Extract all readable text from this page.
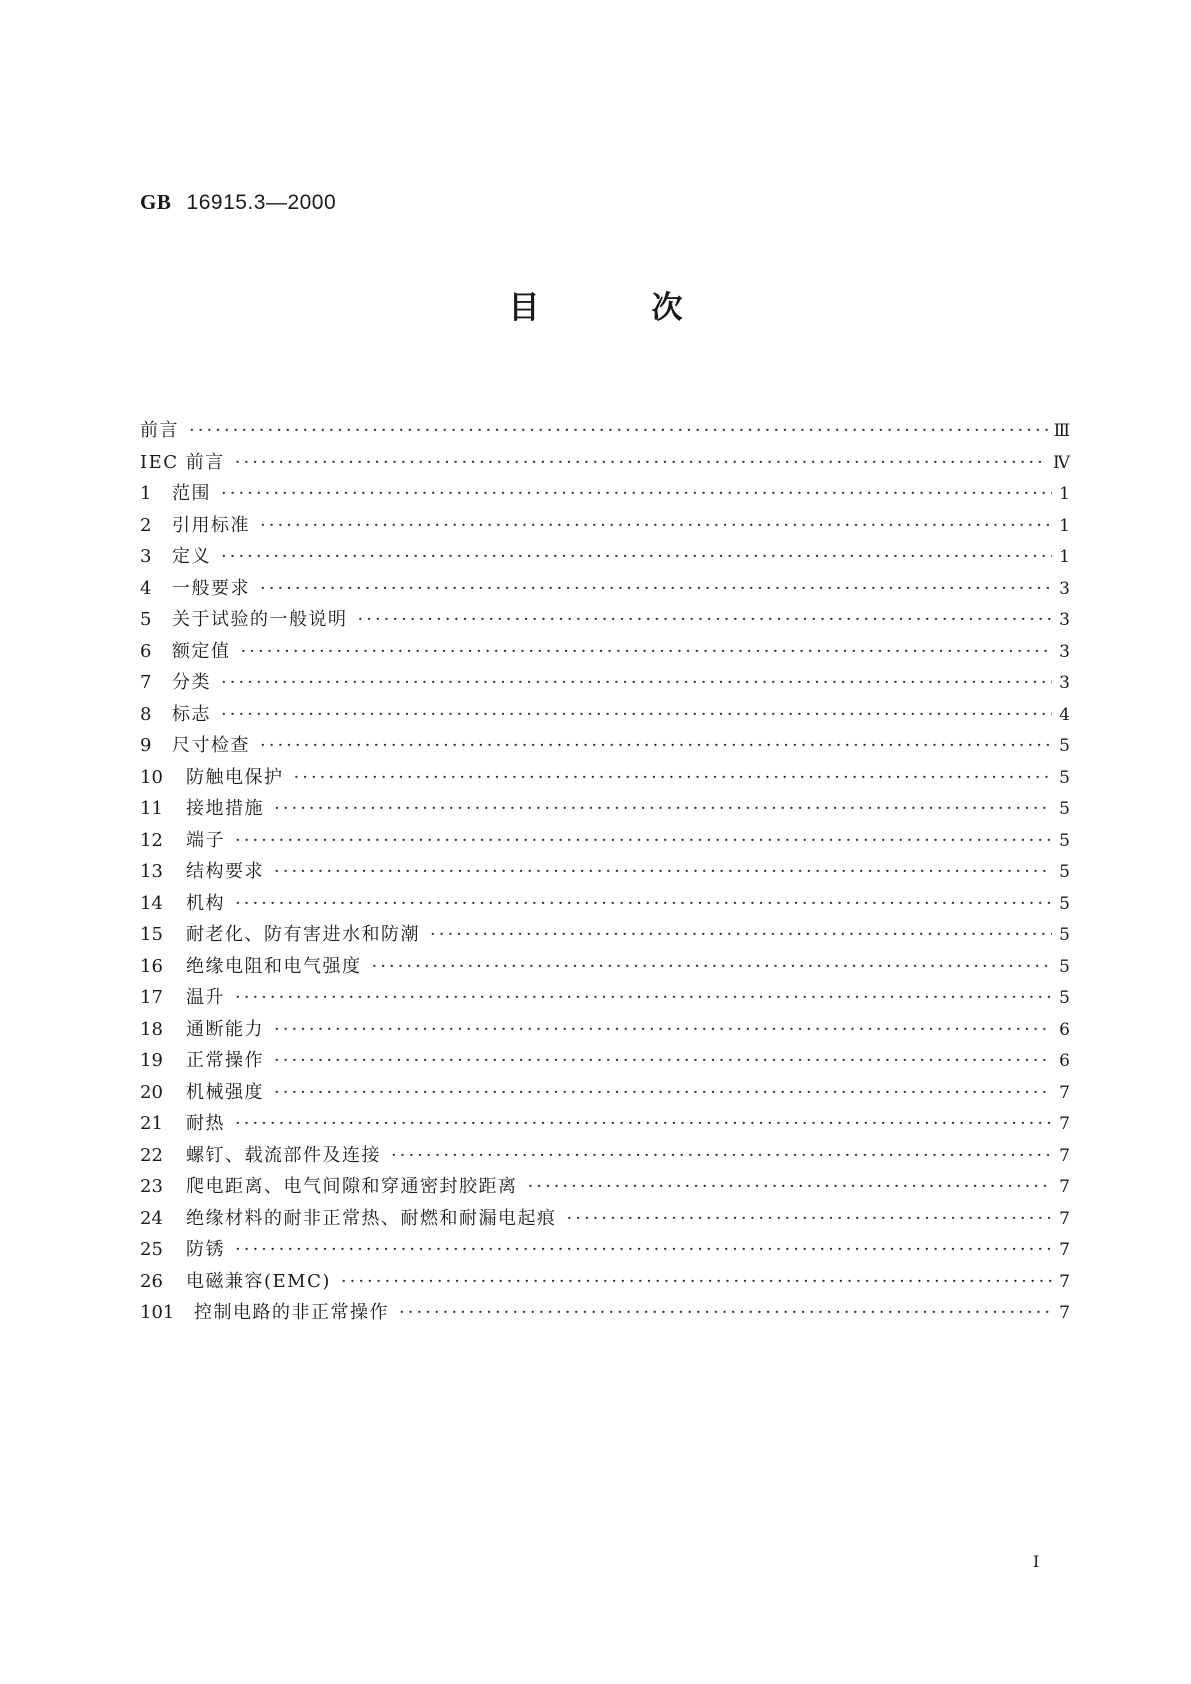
GB 16915.3—2000
目	次
前言 ·····	Ⅲ
IEC 前言 ·····	Ⅳ
1	范围 ·····	1
2	引用标准 ·····	1
3	定义 ·····	1
4	一般要求 ·····	3
5	关于试验的一般说明 ·····	3
6	额定值 ·····	3
7	分类 ·····	3
8	标志 ·····	4
9	尺寸检查 ·····	5
10	防触电保护 ·····	5
11	接地措施 ·····	5
12	端子 ·····	5
13	结构要求 ·····	5
14	机构 ·····	5
15	耐老化、防有害进水和防潮 ·····	5
16	绝缘电阻和电气强度 ·····	5
17	温升 ·····	5
18	通断能力 ·····	6
19	正常操作 ·····	6
20	机械强度 ·····	7
21	耐热 ·····	7
22	螺钉、载流部件及连接 ·····	7
23	爬电距离、电气间隙和穿通密封胶距离 ·····	7
24	绝缘材料的耐非正常热、耐燃和耐漏电起痕 ·····	7
25	防锈 ·····	7
26	电磁兼容(EMC) ·····	7
101	控制电路的非正常操作 ·····	7
I
